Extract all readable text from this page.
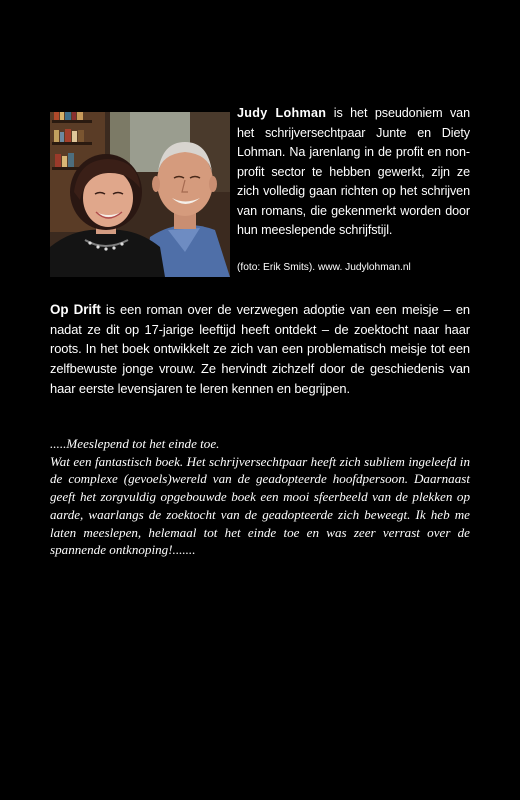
Judy Lohman is het pseudoniem van het schrijversechtpaar Junte en Diety Lohman. Na jarenlang in de profit en non-profit sector te hebben gewerkt, zijn ze zich volledig gaan richten op het schrijven van romans, die gekenmerkt worden door hun meeslepende schrijfstijl.
(foto: Erik Smits). www. Judylohman.nl
Op Drift is een roman over de verzwegen adoptie van een meisje – en nadat ze dit op 17-jarige leeftijd heeft ontdekt – de zoektocht naar haar roots. In het boek ontwikkelt ze zich van een problematisch meisje tot een zelfbewuste jonge vrouw. Ze hervindt zichzelf door de geschiedenis van haar eerste levensjaren te leren kennen en begrijpen.

.....Meeslepend tot het einde toe.

Wat een fantastisch boek. Het schrijversechtpaar heeft zich subliem ingeleefd in de complexe (gevoels)wereld van de geadopteerde hoofdpersoon. Daarnaast geeft het zorgvuldig opgebouwde boek een mooi sfeerbeeld van de plekken op aarde, waarlangs de zoektocht van de geadopteerde zich beweegt. Ik heb me laten meeslepen, helemaal tot het einde toe en was zeer verrast over de spannende ontknoping!.......
